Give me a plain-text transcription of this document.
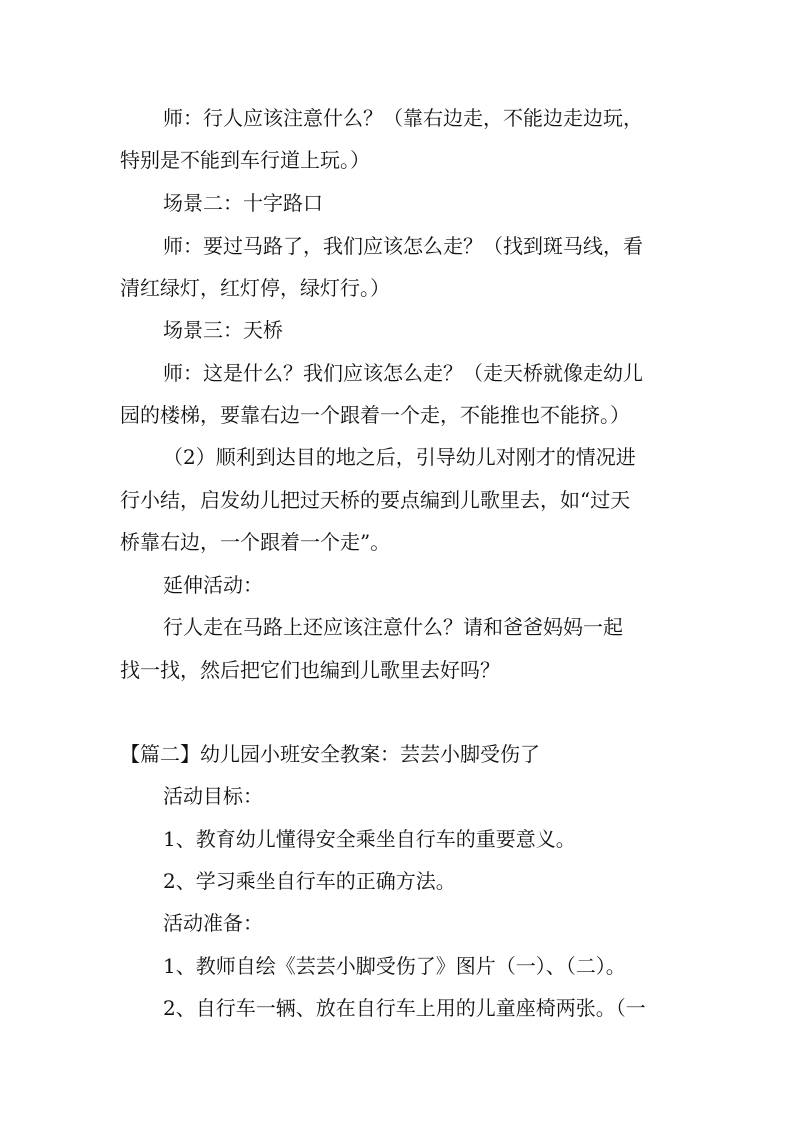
师：行人应该注意什么？（靠右边走，不能边走边玩，
特别是不能到车行道上玩。）
场景二：十字路口
师：要过马路了，我们应该怎么走？（找到斑马线，看
清红绿灯，红灯停，绿灯行。）
场景三：天桥
师：这是什么？我们应该怎么走？（走天桥就像走幼儿
园的楼梯，要靠右边一个跟着一个走，不能推也不能挤。）
（2）顺利到达目的地之后，引导幼儿对刚才的情况进
行小结，启发幼儿把过天桥的要点编到儿歌里去，如“过天
桥靠右边，一个跟着一个走”。
延伸活动：
行人走在马路上还应该注意什么？请和爸爸妈妈一起
找一找，然后把它们也编到儿歌里去好吗？
【篇二】幼儿园小班安全教案：芸芸小脚受伤了
活动目标：
1、教育幼儿懂得安全乘坐自行车的重要意义。
2、学习乘坐自行车的正确方法。
活动准备：
1、教师自绘《芸芸小脚受伤了》图片（一）、（二）。
2、自行车一辆、放在自行车上用的儿童座椅两张。（一
